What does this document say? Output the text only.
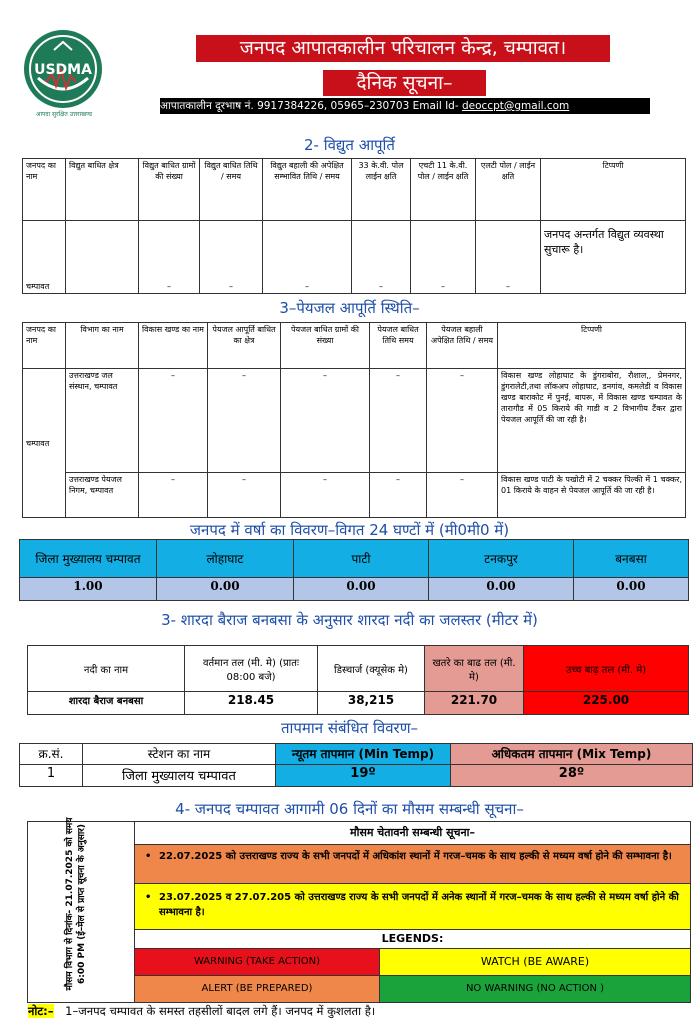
USDMA
आपदा सुरक्षित उत्तराखण्ड
जनपद आपातकालीन परिचालन केन्द्र, चम्पावत।
दैनिक सूचना–
आपातकालीन दूरभाष नं. 9917384226, 05965–230703 Email Id- deoccpt@gmail.com
2- विद्युत आपूर्ति
जनपद का नाम	विद्युत बाधित क्षेत्र	विद्युत बाधित ग्रामों की संख्या	विद्युत बाधित तिथि / समय	विद्युत बहाली की अपेक्षित सम्भावित तिथि / समय	33 के.वी. पोल लाईन क्षति	एचटी 11 के.वी. पोल / लाईन क्षति	एलटी पोल / लाईन क्षति	टिप्पणी
चम्पावत		–	–	–	–	–	–	जनपद अन्तर्गत विद्युत व्यवस्था सुचारू है।
3–पेयजल आपूर्ति स्थिति–
जनपद का नाम	विभाग का नाम	विकास खण्ड का नाम	पेयजल आपूर्ति बाधित का क्षेत्र	पेयजल बाधित ग्रामों की संख्या	पेयजल बाधित तिथि समय	पेयजल बहाली अपेक्षित तिथि / समय	टिप्पणी
चम्पावत	उत्तराखण्ड जल संस्थान, चम्पावत	–	–	–	–	–	विकास खण्ड लोहाघाट के डुंगराबोरा, रौशाल,, प्रेमनगर, डुंगरालेटी,तथा लॉकअप लोहाघाट, डनगांव, कमलेडी व विकास खण्ड बाराकोट में पुनई, बापरू, में विकास खण्ड चम्पावत के तारागौड में 05 किराये की गाडी व 2 विभागीय टैंकर द्वारा पेयजल आपूर्ति की जा रही है।
	उत्तराखण्ड पेयजल निगम, चम्पावत	–	–	–	–	–	विकास खण्ड पाटी के पखोटी में 2 चक्कर पिल्की में 1 चक्कर, 01 किराये के वाहन से पेयजल आपूर्ति की जा रही है।
जनपद में वर्षा का विवरण–विगत 24 घण्टों में (मी0मी0 में)
जिला मुख्यालय चम्पावत	लोहाघाट	पाटी	टनकपुर	बनबसा
1.00	0.00	0.00	0.00	0.00
3- शारदा बैराज बनबसा के अनुसार शारदा नदी का जलस्तर (मीटर में)
नदी का नाम	वर्तमान तल (मी. मे) (प्रातः 08:00 बजे)	डिस्चार्ज (क्यूसेक मे)	खतरे का बाढ तल (मी. मे)	उच्च बाढ़ तल (मी. मे)
शारदा बैराज बनबसा	218.45	38,215	221.70	225.00
तापमान संबंधित विवरण–
क्र.सं.	स्टेशन का नाम	न्यूतम तापमान (Min Temp)	अधिकतम तापमान (Mix Temp)
1	जिला मुख्यालय चम्पावत	19º	28º
4- जनपद चम्पावत आगामी 06 दिनों का मौसम सम्बन्धी सूचना–
मौसम विभाग से दिनांक- 21.07.2025 को समय 6:00 PM (ई–मेल से प्राप्त सूचना के अनुसार)	मौसम चेतावनी सम्बन्धी सूचना–
• 22.07.2025 को उत्तराखण्ड राज्य के सभी जनपदों में अधिकांश स्थानों में गरज–चमक के साथ हल्की से मध्यम वर्षा होने की सम्भावना है।
• 23.07.2025 व 27.07.205 को उत्तराखण्ड राज्य के सभी जनपदों में अनेक स्थानों में गरज–चमक के साथ हल्की से मध्यम वर्षा होने की सम्भावना है।
LEGENDS:
WARNING (TAKE ACTION)	WATCH (BE AWARE)
ALERT (BE PREPARED)	NO WARNING (NO ACTION )
नोट:– 1–जनपद चम्पावत के समस्त तहसीलों बादल लगे हैं। जनपद में कुशलता है।
